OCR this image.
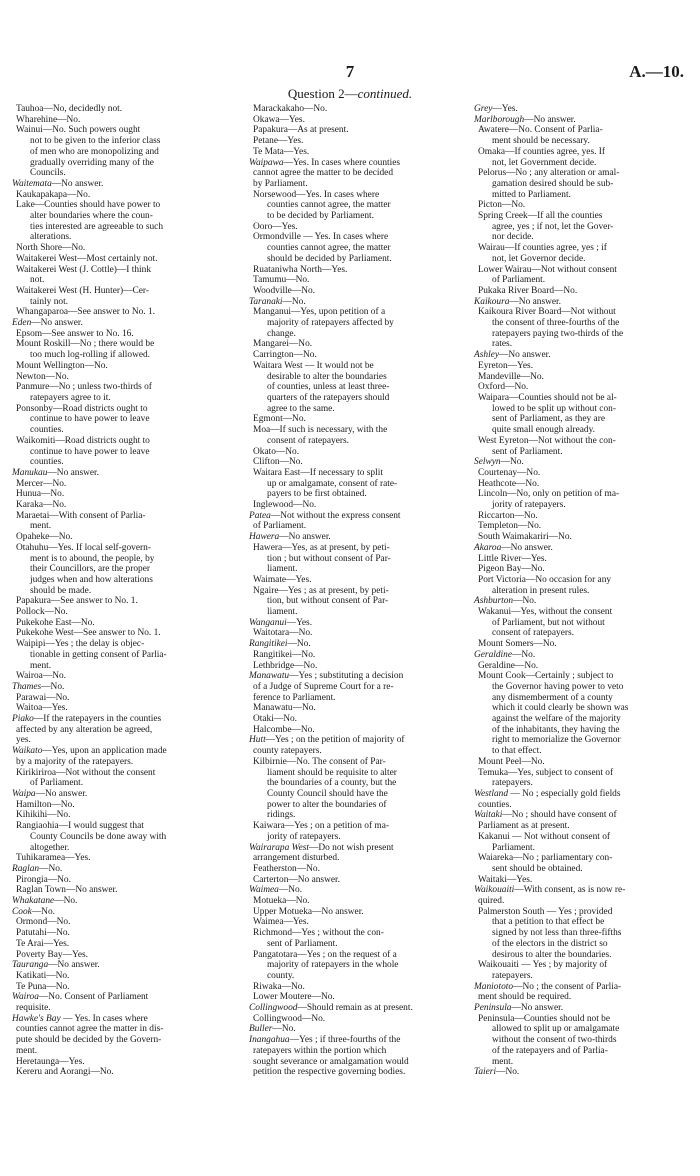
7	A.—10.
Question 2—continued.
Tauhoa—No, decidedly not.
Wharehine—No.
Wainui—No. Such powers ought
not to be given to the inferior class
of men who are monopolizing and
gradually overriding many of the
Councils.
Waitemata—No answer.
Kaukapakapa—No.
Lake—Counties should have power to
alter boundaries where the coun-
ties interested are agreeable to such
alterations.
North Shore—No.
Waitakerei West—Most certainly not.
Waitakerei West (J. Cottle)—I think
not.
Waitakerei West (H. Hunter)—Cer-
tainly not.
Whangaparoa—See answer to No. 1.
Eden—No answer.
Epsom—See answer to No. 16.
Mount Roskill—No ; there would be
too much log-rolling if allowed.
Mount Wellington—No.
Newton—No.
Panmure—No ; unless two-thirds of
ratepayers agree to it.
Ponsonby—Road districts ought to
continue to have power to leave
counties.
Waikomiti—Road districts ought to
continue to have power to leave
counties.
Manukau—No answer.
Mercer—No.
Hunua—No.
Karaka—No.
Maraetai—With consent of Parlia-
ment.
Opaheke—No.
Otahuhu—Yes. If local self-govern-
ment is to abound, the people, by
their Councillors, are the proper
judges when and how alterations
should be made.
Papakura—See answer to No. 1.
Pollock—No.
Pukekohe East—No.
Pukekohe West—See answer to No. 1.
Waipipi—Yes ; the delay is objec-
tionable in getting consent of Parlia-
ment.
Wairoa—No.
Thames—No.
Parawai—No.
Waitoa—Yes.
Piako—If the ratepayers in the counties
affected by any alteration be agreed,
yes.
Waikato—Yes, upon an application made
by a majority of the ratepayers.
Kirikiriroa—Not without the consent
of Parliament.
Waipa—No answer.
Hamilton—No.
Kihikihi—No.
Rangiaohia—I would suggest that
County Councils be done away with
altogether.
Tuhikaramea—Yes.
Raglan—No.
Pirongia—No.
Raglan Town—No answer.
Whakatane—No.
Cook—No.
Ormond—No.
Patutahi—No.
Te Arai—Yes.
Poverty Bay—Yes.
Tauranga—No answer.
Katikati—No.
Te Puna—No.
Wairoa—No. Consent of Parliament
requisite.
Hawke's Bay — Yes. In cases where
counties cannot agree the matter in dis-
pute should be decided by the Govern-
ment.
Heretaunga—Yes.
Kereru and Aorangi—No.
Marackakaho—No.
Okawa—Yes.
Papakura—As at present.
Petane—Yes.
Te Mata—Yes.
Waipawa—Yes. In cases where counties
cannot agree the matter to be decided
by Parliament.
Norsewood—Yes. In cases where
counties cannot agree, the matter
to be decided by Parliament.
Ooro—Yes.
Ormondville — Yes. In cases where
counties cannot agree, the matter
should be decided by Parliament.
Ruataniwha North—Yes.
Tamumu—No.
Woodville—No.
Taranaki—No.
Manganui—Yes, upon petition of a
majority of ratepayers affected by
change.
Mangarei—No.
Carrington—No.
Waitara West — It would not be
desirable to alter the boundaries
of counties, unless at least three-
quarters of the ratepayers should
agree to the same.
Egmont—No.
Moa—If such is necessary, with the
consent of ratepayers.
Okato—No.
Clifton—No.
Waitara East—If necessary to split
up or amalgamate, consent of rate-
payers to be first obtained.
Inglewood—No.
Patea—Not without the express consent
of Parliament.
Hawera—No answer.
Hawera—Yes, as at present, by peti-
tion ; but without consent of Par-
liament.
Waimate—Yes.
Ngaire—Yes ; as at present, by peti-
tion, but without consent of Par-
liament.
Wanganui—Yes.
Waitotara—No.
Rangitikei—No.
Rangitikei—No.
Lethbridge—No.
Manawatu—Yes ; substituting a decision
of a Judge of Supreme Court for a re-
ference to Parliament.
Manawatu—No.
Otaki—No.
Halcombe—No.
Hutt—Yes ; on the petition of majority of
county ratepayers.
Kilbirnie—No. The consent of Par-
liament should be requisite to alter
the boundaries of a county, but the
County Council should have the
power to alter the boundaries of
ridings.
Kaiwara—Yes ; on a petition of ma-
jority of ratepayers.
Wairarapa West—Do not wish present
arrangement disturbed.
Featherston—No.
Carterton—No answer.
Waimea—No.
Motueka—No.
Upper Motueka—No answer.
Waimea—Yes.
Richmond—Yes ; without the con-
sent of Parliament.
Pangatotara—Yes ; on the request of a
majority of ratepayers in the whole
county.
Riwaka—No.
Lower Moutere—No.
Collingwood—Should remain as at present.
Collingwood—No.
Buller—No.
Inangahua—Yes ; if three-fourths of the
ratepayers within the portion which
sought severance or amalgamation would
petition the respective governing bodies.
Grey—Yes.
Marlborough—No answer.
Awatere—No. Consent of Parlia-
ment should be necessary.
Omaka—If counties agree, yes. If
not, let Government decide.
Pelorus—No ; any alteration or amal-
gamation desired should be sub-
mitted to Parliament.
Picton—No.
Spring Creek—If all the counties
agree, yes ; if not, let the Gover-
nor decide.
Wairau—If counties agree, yes ; if
not, let Governor decide.
Lower Wairau—Not without consent
of Parliament.
Pukaka River Board—No.
Kaikoura—No answer.
Kaikoura River Board—Not without
the consent of three-fourths of the
ratepayers paying two-thirds of the
rates.
Ashley—No answer.
Eyreton—Yes.
Mandeville—No.
Oxford—No.
Waipara—Counties should not be al-
lowed to be split up without con-
sent of Parliament, as they are
quite small enough already.
West Eyreton—Not without the con-
sent of Parliament.
Selwyn—No.
Courtenay—No.
Heathcote—No.
Lincoln—No, only on petition of ma-
jority of ratepayers.
Riccarton—No.
Templeton—No.
South Waimakariri—No.
Akaroa—No answer.
Little River—Yes.
Pigeon Bay—No.
Port Victoria—No occasion for any
alteration in present rules.
Ashburton—No.
Wakanui—Yes, without the consent
of Parliament, but not without
consent of ratepayers.
Mount Somers—No.
Geraldine—No.
Geraldine—No.
Mount Cook—Certainly ; subject to
the Governor having power to veto
any dismemberment of a county
which it could clearly be shown was
against the welfare of the majority
of the inhabitants, they having the
right to memorialize the Governor
to that effect.
Mount Peel—No.
Temuka—Yes, subject to consent of
ratepayers.
Westland — No ; especially gold fields
counties.
Waitaki—No ; should have consent of
Parliament as at present.
Kakanui — Not without consent of
Parliament.
Waiareka—No ; parliamentary con-
sent should be obtained.
Waitaki—Yes.
Waikouaiti—With consent, as is now re-
quired.
Palmerston South — Yes ; provided
that a petition to that effect be
signed by not less than three-fifths
of the electors in the district so
desirous to alter the boundaries.
Waikouaiti — Yes ; by majority of
ratepayers.
Maniototo—No ; the consent of Parlia-
ment should be required.
Peninsula—No answer.
Peninsula—Counties should not be
allowed to split up or amalgamate
without the consent of two-thirds
of the ratepayers and of Parlia-
ment.
Taieri—No.
